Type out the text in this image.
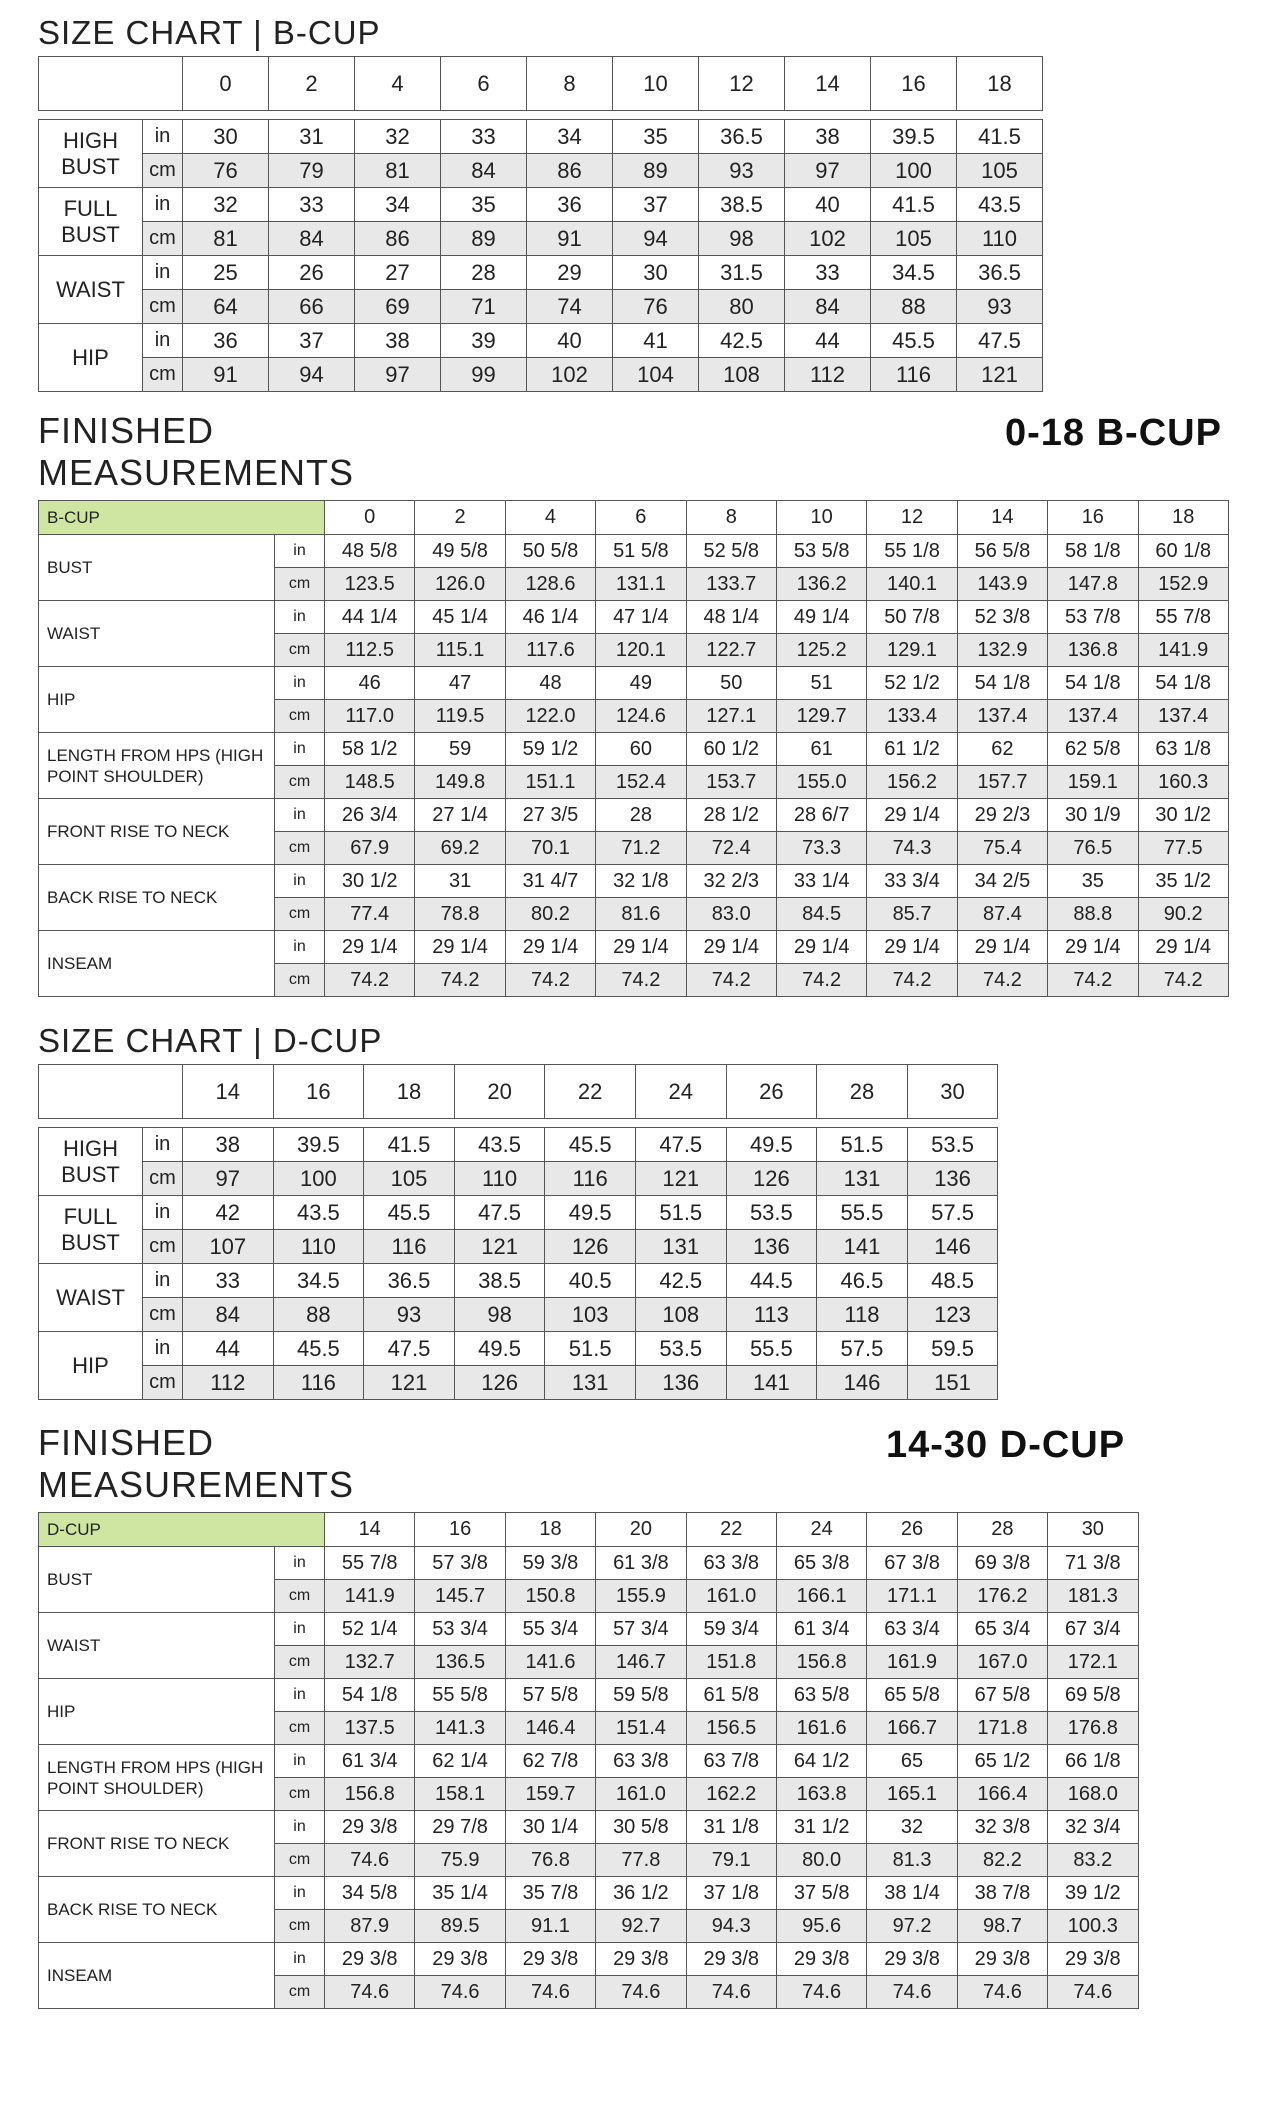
SIZE CHART | B-CUP
		0	2	4	6	8	10	12	14	16	18

HIGH BUST	in	30	31	32	33	34	35	36.5	38	39.5	41.5
	cm	76	79	81	84	86	89	93	97	100	105
FULL BUST	in	32	33	34	35	36	37	38.5	40	41.5	43.5
	cm	81	84	86	89	91	94	98	102	105	110
WAIST	in	25	26	27	28	29	30	31.5	33	34.5	36.5
	cm	64	66	69	71	74	76	80	84	88	93
HIP	in	36	37	38	39	40	41	42.5	44	45.5	47.5
	cm	91	94	97	99	102	104	108	112	116	121
FINISHED
MEASUREMENTS
0-18 B-CUP
B-CUP		0	2	4	6	8	10	12	14	16	18
BUST	in	48 5/8	49 5/8	50 5/8	51 5/8	52 5/8	53 5/8	55 1/8	56 5/8	58 1/8	60 1/8
	cm	123.5	126.0	128.6	131.1	133.7	136.2	140.1	143.9	147.8	152.9
WAIST	in	44 1/4	45 1/4	46 1/4	47 1/4	48 1/4	49 1/4	50 7/8	52 3/8	53 7/8	55 7/8
	cm	112.5	115.1	117.6	120.1	122.7	125.2	129.1	132.9	136.8	141.9
HIP	in	46	47	48	49	50	51	52 1/2	54 1/8	54 1/8	54 1/8
	cm	117.0	119.5	122.0	124.6	127.1	129.7	133.4	137.4	137.4	137.4
LENGTH FROM HPS (HIGH POINT SHOULDER)	in	58 1/2	59	59 1/2	60	60 1/2	61	61 1/2	62	62 5/8	63 1/8
	cm	148.5	149.8	151.1	152.4	153.7	155.0	156.2	157.7	159.1	160.3
FRONT RISE TO NECK	in	26 3/4	27 1/4	27 3/5	28	28 1/2	28 6/7	29 1/4	29 2/3	30 1/9	30 1/2
	cm	67.9	69.2	70.1	71.2	72.4	73.3	74.3	75.4	76.5	77.5
BACK RISE TO NECK	in	30 1/2	31	31 4/7	32 1/8	32 2/3	33 1/4	33 3/4	34 2/5	35	35 1/2
	cm	77.4	78.8	80.2	81.6	83.0	84.5	85.7	87.4	88.8	90.2
INSEAM	in	29 1/4	29 1/4	29 1/4	29 1/4	29 1/4	29 1/4	29 1/4	29 1/4	29 1/4	29 1/4
	cm	74.2	74.2	74.2	74.2	74.2	74.2	74.2	74.2	74.2	74.2
SIZE CHART | D-CUP
		14	16	18	20	22	24	26	28	30

HIGH BUST	in	38	39.5	41.5	43.5	45.5	47.5	49.5	51.5	53.5
	cm	97	100	105	110	116	121	126	131	136
FULL BUST	in	42	43.5	45.5	47.5	49.5	51.5	53.5	55.5	57.5
	cm	107	110	116	121	126	131	136	141	146
WAIST	in	33	34.5	36.5	38.5	40.5	42.5	44.5	46.5	48.5
	cm	84	88	93	98	103	108	113	118	123
HIP	in	44	45.5	47.5	49.5	51.5	53.5	55.5	57.5	59.5
	cm	112	116	121	126	131	136	141	146	151
FINISHED
MEASUREMENTS
14-30 D-CUP
D-CUP		14	16	18	20	22	24	26	28	30
BUST	in	55 7/8	57 3/8	59 3/8	61 3/8	63 3/8	65 3/8	67 3/8	69 3/8	71 3/8
	cm	141.9	145.7	150.8	155.9	161.0	166.1	171.1	176.2	181.3
WAIST	in	52 1/4	53 3/4	55 3/4	57 3/4	59 3/4	61 3/4	63 3/4	65 3/4	67 3/4
	cm	132.7	136.5	141.6	146.7	151.8	156.8	161.9	167.0	172.1
HIP	in	54 1/8	55 5/8	57 5/8	59 5/8	61 5/8	63 5/8	65 5/8	67 5/8	69 5/8
	cm	137.5	141.3	146.4	151.4	156.5	161.6	166.7	171.8	176.8
LENGTH FROM HPS (HIGH POINT SHOULDER)	in	61 3/4	62 1/4	62 7/8	63 3/8	63 7/8	64 1/2	65	65 1/2	66 1/8
	cm	156.8	158.1	159.7	161.0	162.2	163.8	165.1	166.4	168.0
FRONT RISE TO NECK	in	29 3/8	29 7/8	30 1/4	30 5/8	31 1/8	31 1/2	32	32 3/8	32 3/4
	cm	74.6	75.9	76.8	77.8	79.1	80.0	81.3	82.2	83.2
BACK RISE TO NECK	in	34 5/8	35 1/4	35 7/8	36 1/2	37 1/8	37 5/8	38 1/4	38 7/8	39 1/2
	cm	87.9	89.5	91.1	92.7	94.3	95.6	97.2	98.7	100.3
INSEAM	in	29 3/8	29 3/8	29 3/8	29 3/8	29 3/8	29 3/8	29 3/8	29 3/8	29 3/8
	cm	74.6	74.6	74.6	74.6	74.6	74.6	74.6	74.6	74.6
